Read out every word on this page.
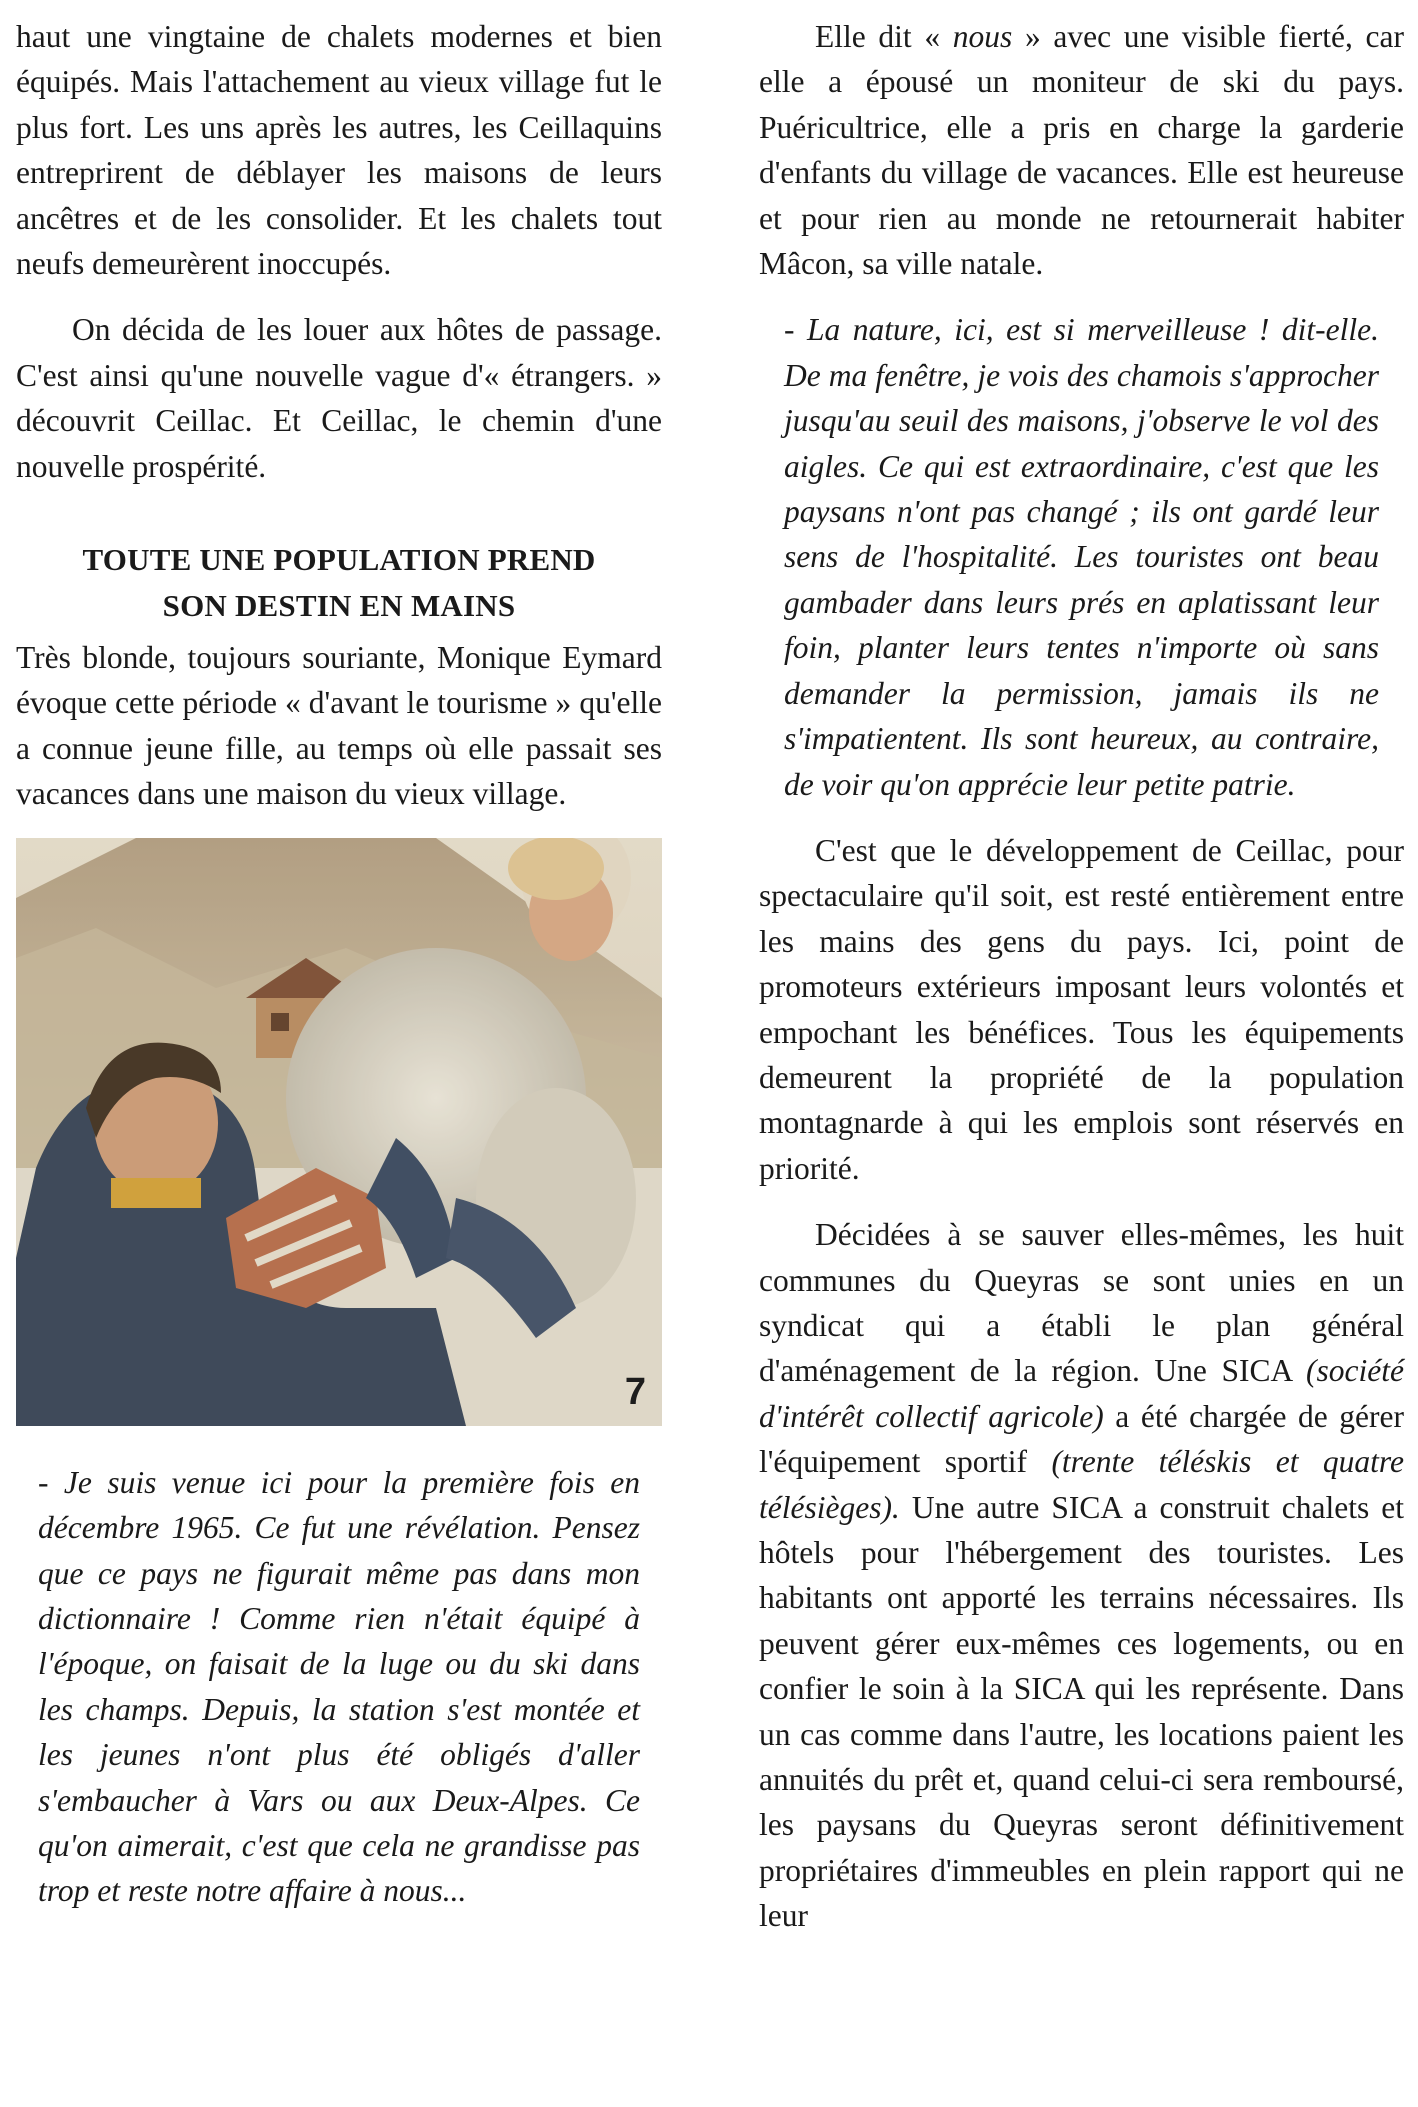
haut une vingtaine de chalets modernes et bien équipés. Mais l'attachement au vieux village fut le plus fort. Les uns après les autres, les Ceillaquins entreprirent de déblayer les maisons de leurs ancêtres et de les consolider. Et les chalets tout neufs demeurèrent inoccupés.

On décida de les louer aux hôtes de passage. C'est ainsi qu'une nouvelle vague d'« étrangers. » découvrit Ceillac. Et Ceillac, le chemin d'une nouvelle prospérité.

TOUTE UNE POPULATION PREND
SON DESTIN EN MAINS

Très blonde, toujours souriante, Monique Eymard évoque cette période « d'avant le tourisme » qu'elle a connue jeune fille, au temps où elle passait ses vacances dans une maison du vieux village.

7

- Je suis venue ici pour la première fois en décembre 1965. Ce fut une révélation. Pensez que ce pays ne figurait même pas dans mon dictionnaire ! Comme rien n'était équipé à l'époque, on faisait de la luge ou du ski dans les champs. Depuis, la station s'est montée et les jeunes n'ont plus été obligés d'aller s'embaucher à Vars ou aux Deux-Alpes. Ce qu'on aimerait, c'est que cela ne grandisse pas trop et reste notre affaire à nous...

Elle dit « nous » avec une visible fierté, car elle a épousé un moniteur de ski du pays. Puéricultrice, elle a pris en charge la garderie d'enfants du village de vacances. Elle est heureuse et pour rien au monde ne retournerait habiter Mâcon, sa ville natale.

- La nature, ici, est si merveilleuse ! dit-elle. De ma fenêtre, je vois des chamois s'approcher jusqu'au seuil des maisons, j'observe le vol des aigles. Ce qui est extraordinaire, c'est que les paysans n'ont pas changé ; ils ont gardé leur sens de l'hospitalité. Les touristes ont beau gambader dans leurs prés en aplatissant leur foin, planter leurs tentes n'importe où sans demander la permission, jamais ils ne s'impatientent. Ils sont heureux, au contraire, de voir qu'on apprécie leur petite patrie.

C'est que le développement de Ceillac, pour spectaculaire qu'il soit, est resté entièrement entre les mains des gens du pays. Ici, point de promoteurs extérieurs imposant leurs volontés et empochant les bénéfices. Tous les équipements demeurent la propriété de la population montagnarde à qui les emplois sont réservés en priorité.

Décidées à se sauver elles-mêmes, les huit communes du Queyras se sont unies en un syndicat qui a établi le plan général d'aménagement de la région. Une SICA (société d'intérêt collectif agricole) a été chargée de gérer l'équipement sportif (trente téléskis et quatre télésièges). Une autre SICA a construit chalets et hôtels pour l'hébergement des touristes. Les habitants ont apporté les terrains nécessaires. Ils peuvent gérer eux-mêmes ces logements, ou en confier le soin à la SICA qui les représente. Dans un cas comme dans l'autre, les locations paient les annuités du prêt et, quand celui-ci sera remboursé, les paysans du Queyras seront définitivement propriétaires d'immeubles en plein rapport qui ne leur
